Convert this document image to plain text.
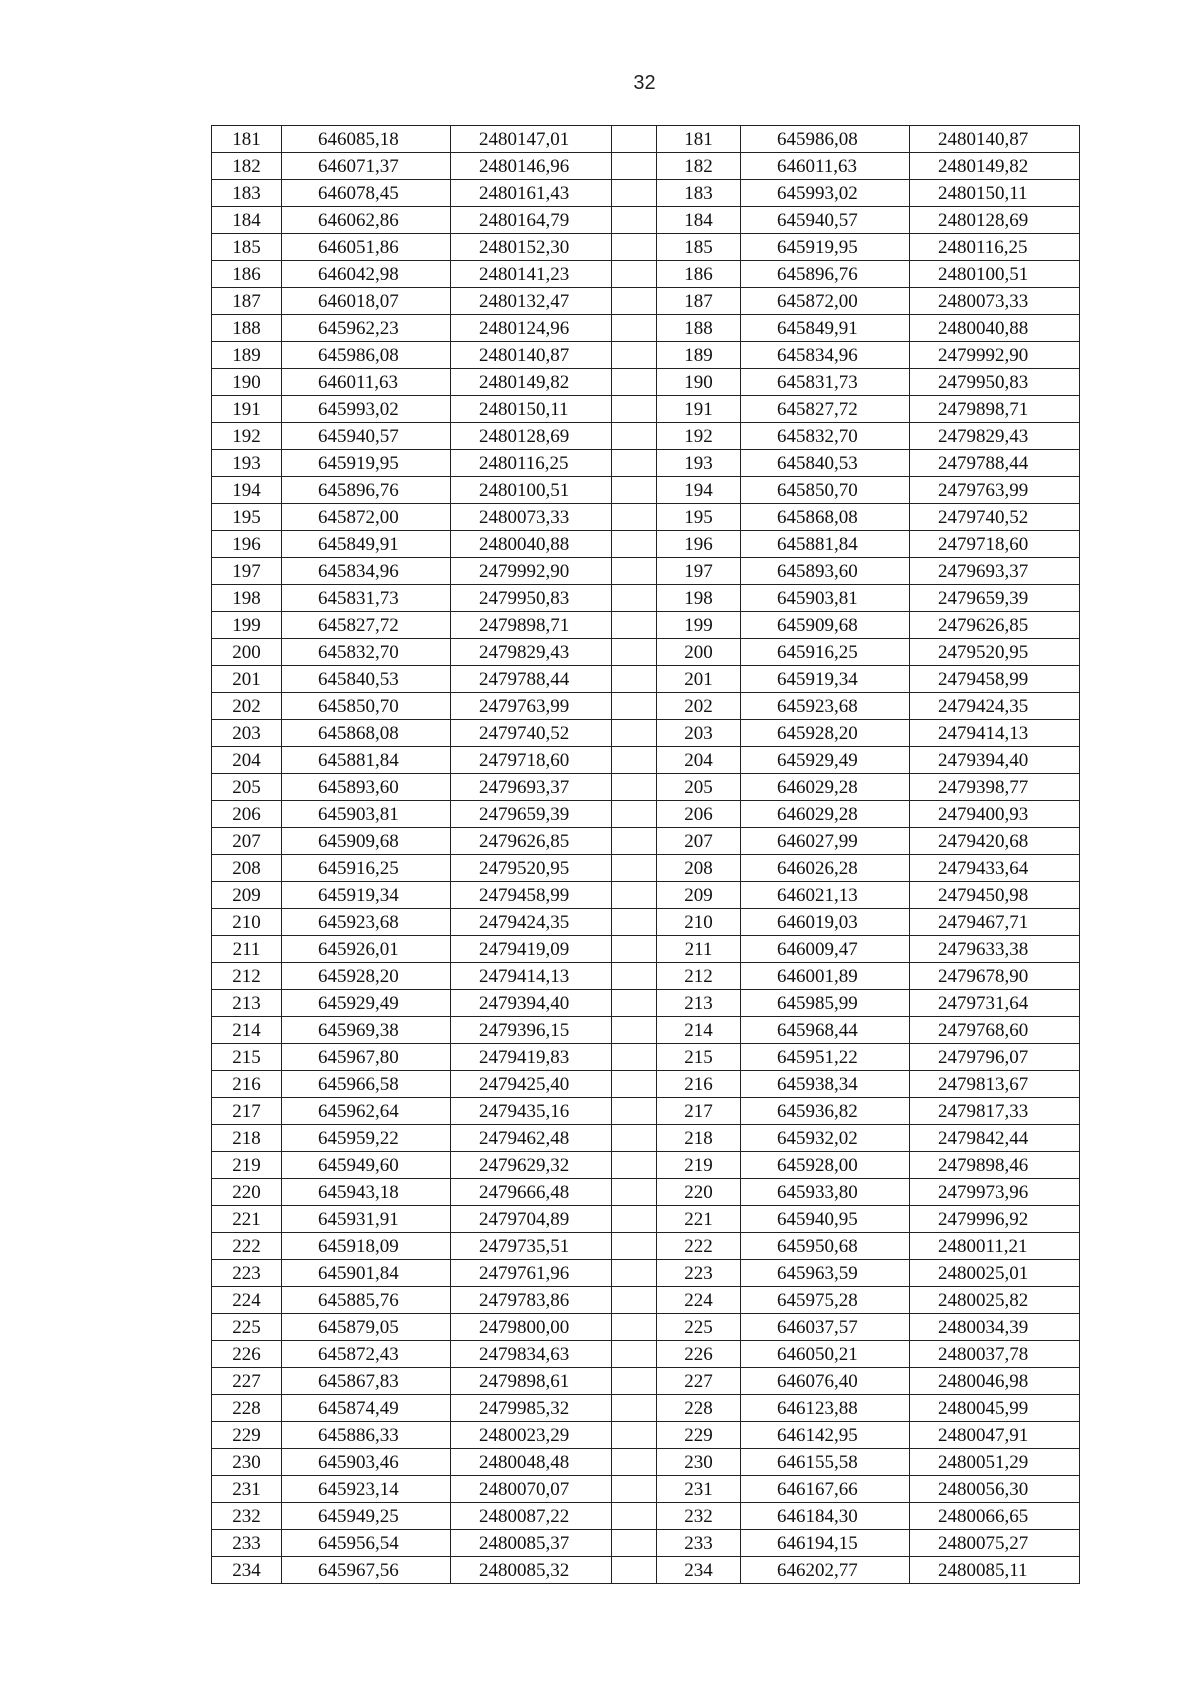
32
181	646085,18	2480147,01		181	645986,08	2480140,87
182	646071,37	2480146,96		182	646011,63	2480149,82
183	646078,45	2480161,43		183	645993,02	2480150,11
184	646062,86	2480164,79		184	645940,57	2480128,69
185	646051,86	2480152,30		185	645919,95	2480116,25
186	646042,98	2480141,23		186	645896,76	2480100,51
187	646018,07	2480132,47		187	645872,00	2480073,33
188	645962,23	2480124,96		188	645849,91	2480040,88
189	645986,08	2480140,87		189	645834,96	2479992,90
190	646011,63	2480149,82		190	645831,73	2479950,83
191	645993,02	2480150,11		191	645827,72	2479898,71
192	645940,57	2480128,69		192	645832,70	2479829,43
193	645919,95	2480116,25		193	645840,53	2479788,44
194	645896,76	2480100,51		194	645850,70	2479763,99
195	645872,00	2480073,33		195	645868,08	2479740,52
196	645849,91	2480040,88		196	645881,84	2479718,60
197	645834,96	2479992,90		197	645893,60	2479693,37
198	645831,73	2479950,83		198	645903,81	2479659,39
199	645827,72	2479898,71		199	645909,68	2479626,85
200	645832,70	2479829,43		200	645916,25	2479520,95
201	645840,53	2479788,44		201	645919,34	2479458,99
202	645850,70	2479763,99		202	645923,68	2479424,35
203	645868,08	2479740,52		203	645928,20	2479414,13
204	645881,84	2479718,60		204	645929,49	2479394,40
205	645893,60	2479693,37		205	646029,28	2479398,77
206	645903,81	2479659,39		206	646029,28	2479400,93
207	645909,68	2479626,85		207	646027,99	2479420,68
208	645916,25	2479520,95		208	646026,28	2479433,64
209	645919,34	2479458,99		209	646021,13	2479450,98
210	645923,68	2479424,35		210	646019,03	2479467,71
211	645926,01	2479419,09		211	646009,47	2479633,38
212	645928,20	2479414,13		212	646001,89	2479678,90
213	645929,49	2479394,40		213	645985,99	2479731,64
214	645969,38	2479396,15		214	645968,44	2479768,60
215	645967,80	2479419,83		215	645951,22	2479796,07
216	645966,58	2479425,40		216	645938,34	2479813,67
217	645962,64	2479435,16		217	645936,82	2479817,33
218	645959,22	2479462,48		218	645932,02	2479842,44
219	645949,60	2479629,32		219	645928,00	2479898,46
220	645943,18	2479666,48		220	645933,80	2479973,96
221	645931,91	2479704,89		221	645940,95	2479996,92
222	645918,09	2479735,51		222	645950,68	2480011,21
223	645901,84	2479761,96		223	645963,59	2480025,01
224	645885,76	2479783,86		224	645975,28	2480025,82
225	645879,05	2479800,00		225	646037,57	2480034,39
226	645872,43	2479834,63		226	646050,21	2480037,78
227	645867,83	2479898,61		227	646076,40	2480046,98
228	645874,49	2479985,32		228	646123,88	2480045,99
229	645886,33	2480023,29		229	646142,95	2480047,91
230	645903,46	2480048,48		230	646155,58	2480051,29
231	645923,14	2480070,07		231	646167,66	2480056,30
232	645949,25	2480087,22		232	646184,30	2480066,65
233	645956,54	2480085,37		233	646194,15	2480075,27
234	645967,56	2480085,32		234	646202,77	2480085,11
